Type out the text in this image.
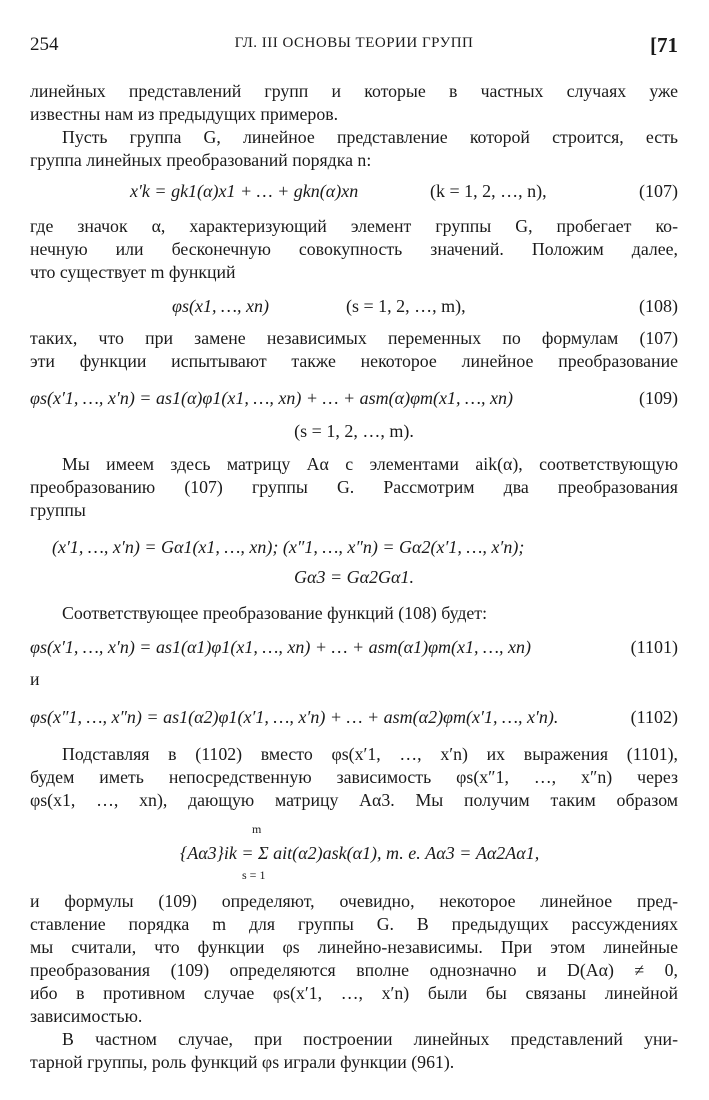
254	ГЛ. III ОСНОВЫ ТЕОРИИ ГРУПП	[71
линейных представлений групп и которые в частных случаях уже
известны нам из предыдущих примеров.
Пусть группа G, линейное представление которой строится, есть
группа линейных преобразований порядка n:
x′k = gk1(α)x1 + … + gkn(α)xn	(k = 1, 2, …, n),	(107)
где значок α, характеризующий элемент группы G, пробегает ко-
нечную или бесконечную совокупность значений. Положим далее,
что существует m функций
φs(x1, …, xn)	(s = 1, 2, …, m),	(108)
таких, что при замене независимых переменных по формулам (107)
эти функции испытывают также некоторое линейное преобразование
φs(x′1, …, x′n) = as1(α)φ1(x1, …, xn) + … + asm(α)φm(x1, …, xn)	(109)
(s = 1, 2, …, m).
Мы имеем здесь матрицу Aα с элементами aik(α), соответствующую
преобразованию (107) группы G. Рассмотрим два преобразования
группы
(x′1, …, x′n) = Gα1(x1, …, xn); (x″1, …, x″n) = Gα2(x′1, …, x′n);
Gα3 = Gα2Gα1.
Соответствующее преобразование функций (108) будет:
φs(x′1, …, x′n) = as1(α1)φ1(x1, …, xn) + … + asm(α1)φm(x1, …, xn)	(1101)
и
φs(x″1, …, x″n) = as1(α2)φ1(x′1, …, x′n) + … + asm(α2)φm(x′1, …, x′n).	(1102)
Подставляя в (1102) вместо φs(x′1, …, x′n) их выражения (1101),
будем иметь непосредственную зависимость φs(x″1, …, x″n) через
φs(x1, …, xn), дающую матрицу Aα3. Мы получим таким образом
m
{Aα3}ik = Σ ait(α2)ask(α1), т. е. Aα3 = Aα2Aα1,
s = 1
и формулы (109) определяют, очевидно, некоторое линейное пред-
ставление порядка m для группы G. В предыдущих рассуждениях
мы считали, что функции φs линейно-независимы. При этом линейные
преобразования (109) определяются вполне однозначно и D(Aα) ≠ 0,
ибо в противном случае φs(x′1, …, x′n) были бы связаны линейной
зависимостью.
В частном случае, при построении линейных представлений уни-
тарной группы, роль функций φs играли функции (961).
